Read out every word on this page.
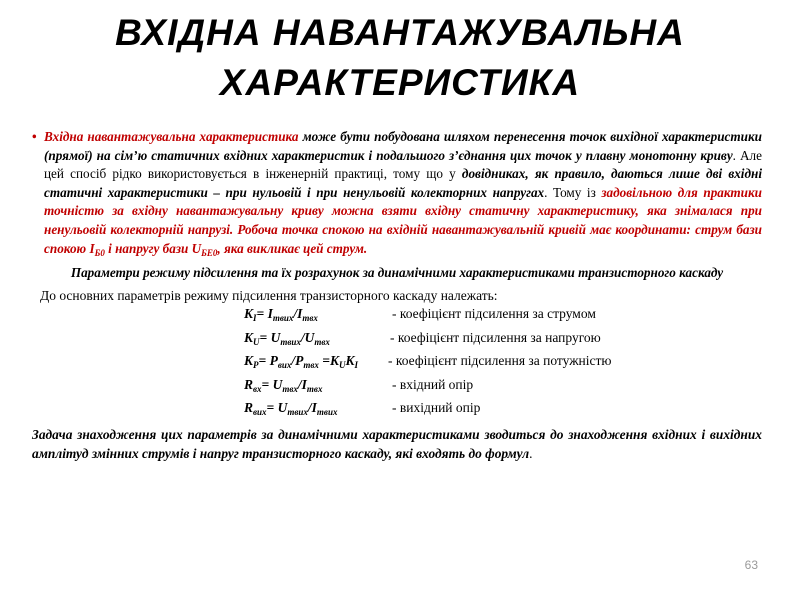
ВХІДНА НАВАНТАЖУВАЛЬНА
ХАРАКТЕРИСТИКА

• Вхідна навантажувальна характеристика може бути побудована шляхом перенесення точок вихідної характеристики (прямої) на сім’ю статичних вхідних характеристик і подальшого з’єднання цих точок у плавну монотонну криву. Але цей спосіб рідко використовується в інженерній практиці, тому що у довідниках, як правило, даються лише дві вхідні статичні характеристики – при нульовій і при ненульовій колекторних напругах. Тому із задовільною для практики точністю за вхідну навантажувальну криву можна взяти вхідну статичну характеристику, яка знімалася при ненульовій колекторній напрузі. Робоча точка спокою на вхідній навантажувальній кривій має координати: струм бази спокою $I_{Б0}$ і напругу бази $U_{БЕ0}$, яка викликає цей струм.

Параметри режиму підсилення та їх розрахунок за динамічними характеристиками транзисторного каскаду

До основних параметрів режиму підсилення транзисторного каскаду належать:

$K_I= I_{твих}/I_{твх}$	- коефіцієнт підсилення за струмом
$K_U= U_{твих}/U_{твх}$	- коефіцієнт підсилення за напругою
$K_P= P_{вих}/P_{твх} =K_UK_I$ - коефіцієнт підсилення за потужністю
$R_{вх}= U_{твх}/I_{твх}$	- вхідний опір
$R_{вих}= U_{твих}/I_{твих}$	- вихідний опір

Задача знаходження цих параметрів за динамічними характеристиками зводиться до знаходження вхідних і вихідних амплітуд змінних струмів і напруг транзисторного каскаду, які входять до формул.

63
